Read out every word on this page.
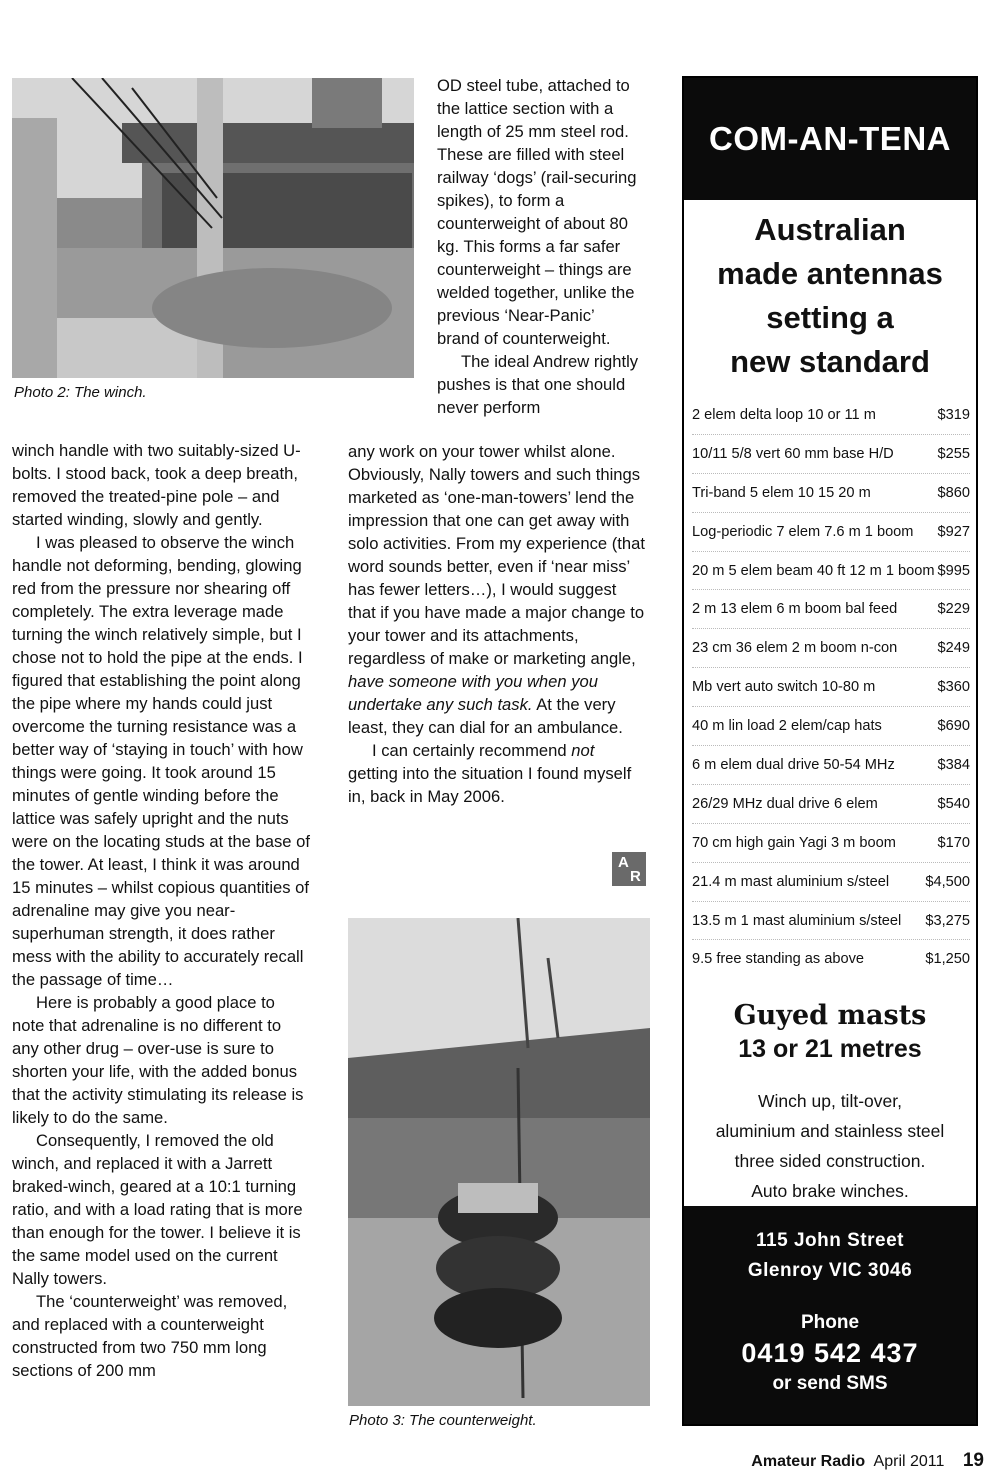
Photo 2: The winch.

OD steel tube, attached to the lattice section with a length of 25 mm steel rod. These are filled with steel railway ‘dogs’ (rail-securing spikes), to form a counterweight of about 80 kg. This forms a far safer counterweight – things are welded together, unlike the previous ‘Near-Panic’ brand of counterweight.

The ideal Andrew rightly pushes is that one should never perform

winch handle with two suitably-sized U-bolts. I stood back, took a deep breath, removed the treated-pine pole – and started winding, slowly and gently.

I was pleased to observe the winch handle not deforming, bending, glowing red from the pressure nor shearing off completely. The extra leverage made turning the winch relatively simple, but I chose not to hold the pipe at the ends. I figured that establishing the point along the pipe where my hands could just overcome the turning resistance was a better way of ‘staying in touch’ with how things were going. It took around 15 minutes of gentle winding before the lattice was safely upright and the nuts were on the locating studs at the base of the tower. At least, I think it was around 15 minutes – whilst copious quantities of adrenaline may give you near-superhuman strength, it does rather mess with the ability to accurately recall the passage of time…

Here is probably a good place to note that adrenaline is no different to any other drug – over-use is sure to shorten your life, with the added bonus that the activity stimulating its release is likely to do the same.

Consequently, I removed the old winch, and replaced it with a Jarrett braked-winch, geared at a 10:1 turning ratio, and with a load rating that is more than enough for the tower. I believe it is the same model used on the current Nally towers.

The ‘counterweight’ was removed, and replaced with a counterweight constructed from two 750 mm long sections of 200 mm

any work on your tower whilst alone. Obviously, Nally towers and such things marketed as ‘one-man-towers’ lend the impression that one can get away with solo activities. From my experience (that word sounds better, even if ‘near miss’ has fewer letters…), I would suggest that if you have made a major change to your tower and its attachments, regardless of make or marketing angle, have someone with you when you undertake any such task. At the very least, they can dial for an ambulance.

I can certainly recommend not getting into the situation I found myself in, back in May 2006.

A
R
Photo 3: The counterweight.
COM-AN-TENA
Australian
made antennas
setting a
new standard
2 elem delta loop 10 or 11 m	$319
10/11 5/8 vert 60 mm base H/D	$255
Tri-band 5 elem 10 15 20 m	$860
Log-periodic 7 elem 7.6 m 1 boom $927
20 m 5 elem beam 40 ft 12 m 1 boom $995
2 m 13 elem 6 m boom bal feed	$229
23 cm 36 elem 2 m boom n-con	$249
Mb vert auto switch 10-80 m	$360
40 m lin load 2 elem/cap hats	$690
6 m elem dual drive 50-54 MHz	$384
26/29 MHz dual drive 6 elem	$540
70 cm high gain Yagi 3 m boom	$170
21.4 m mast aluminium s/steel $4,500
13.5 m 1 mast aluminium s/steel $3,275
9.5 free standing as above	$1,250
Guyed masts
13 or 21 metres
Winch up, tilt-over,
aluminium and stainless steel
three sided construction.
Auto brake winches.
115 John Street
Glenroy VIC 3046
Phone
0419 542 437
or send SMS
Amateur Radio April 2011 19
